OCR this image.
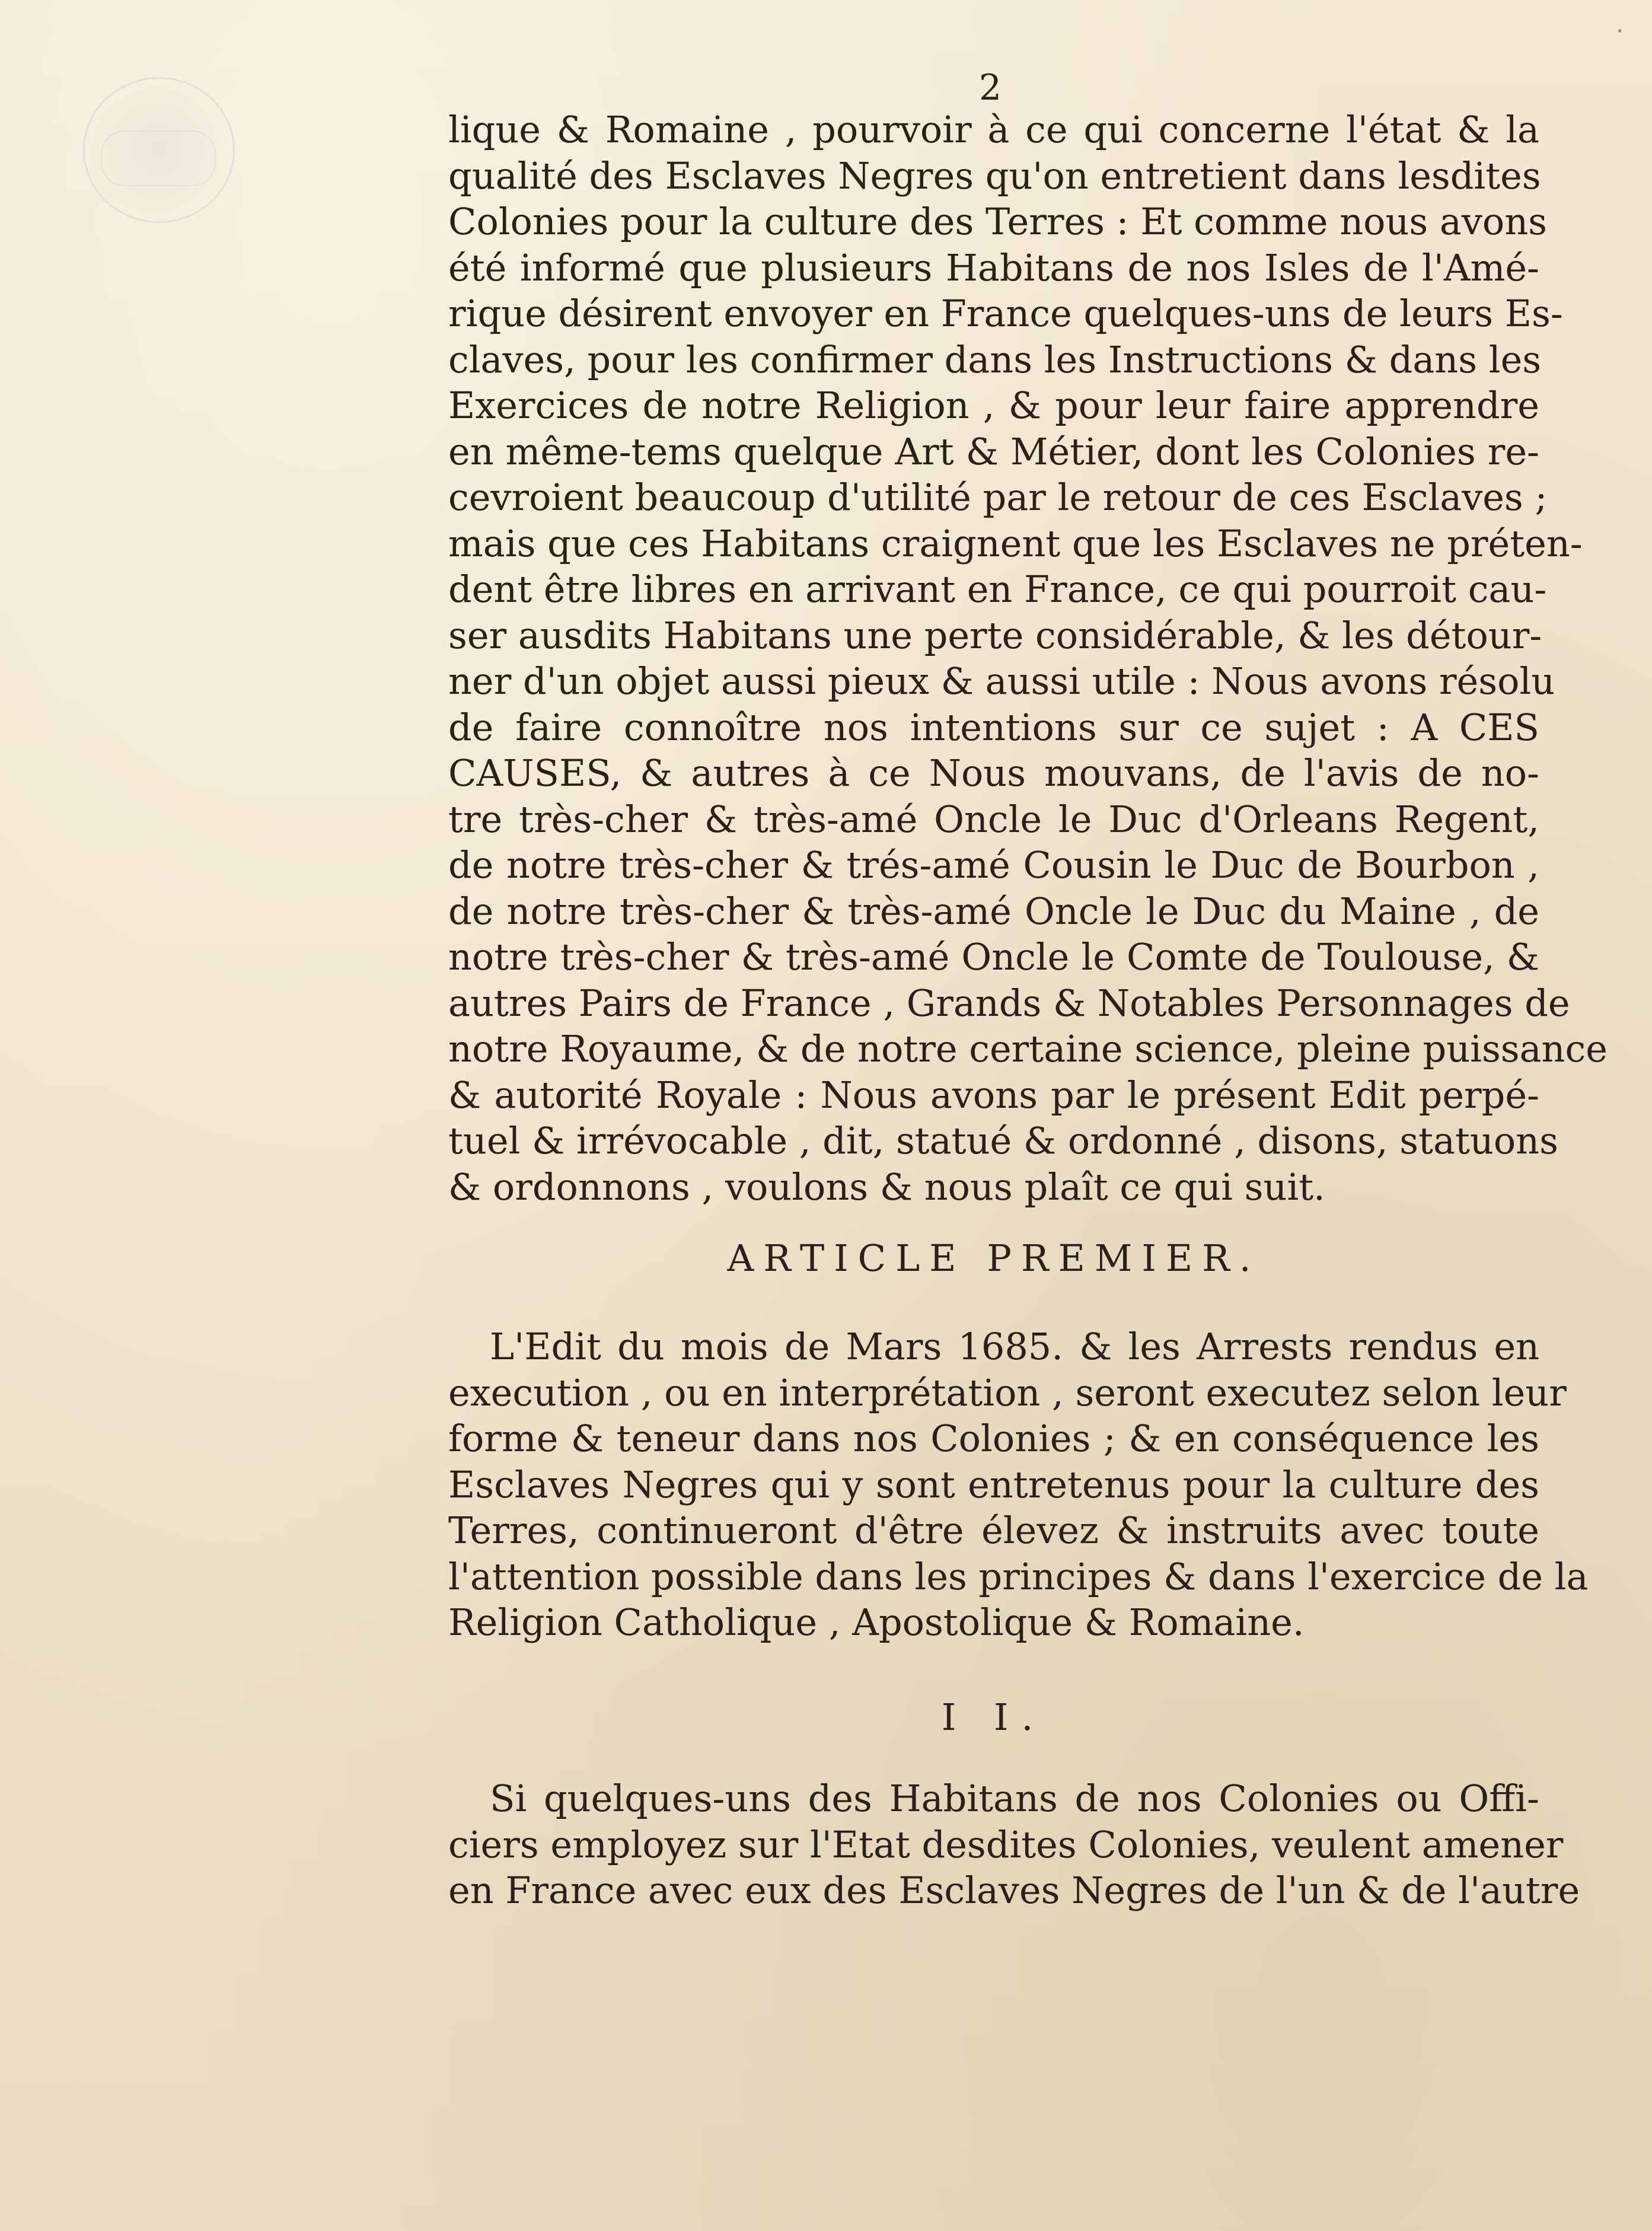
·
2
lique & Romaine , pourvoir à ce qui concerne l'état & la
qualité des Esclaves Negres qu'on entretient dans lesdites
Colonies pour la culture des Terres : Et comme nous avons
été informé que plusieurs Habitans de nos Isles de l'Amé-
rique désirent envoyer en France quelques-uns de leurs Es-
claves, pour les confirmer dans les Instructions & dans les
Exercices de notre Religion , & pour leur faire apprendre
en même-tems quelque Art & Métier, dont les Colonies re-
cevroient beaucoup d'utilité par le retour de ces Esclaves ;
mais que ces Habitans craignent que les Esclaves ne préten-
dent être libres en arrivant en France, ce qui pourroit cau-
ser ausdits Habitans une perte considérable, & les détour-
ner d'un objet aussi pieux & aussi utile : Nous avons résolu
de faire connoître nos intentions sur ce sujet : A CES
CAUSES, & autres à ce Nous mouvans, de l'avis de no-
tre très-cher & très-amé Oncle le Duc d'Orleans Regent,
de notre très-cher & trés-amé Cousin le Duc de Bourbon ,
de notre très-cher & très-amé Oncle le Duc du Maine , de
notre très-cher & très-amé Oncle le Comte de Toulouse, &
autres Pairs de France , Grands & Notables Personnages de
notre Royaume, & de notre certaine science, pleine puissance
& autorité Royale : Nous avons par le présent Edit perpé-
tuel & irrévocable , dit, statué & ordonné , disons, statuons
& ordonnons , voulons & nous plaît ce qui suit.
ARTICLE PREMIER.
L'Edit du mois de Mars 1685. & les Arrests rendus en
execution , ou en interprétation , seront executez selon leur
forme & teneur dans nos Colonies ; & en conséquence les
Esclaves Negres qui y sont entretenus pour la culture des
Terres, continueront d'être élevez & instruits avec toute
l'attention possible dans les principes & dans l'exercice de la
Religion Catholique , Apostolique & Romaine.
I I.
Si quelques-uns des Habitans de nos Colonies ou Offi-
ciers employez sur l'Etat desdites Colonies, veulent amener
en France avec eux des Esclaves Negres de l'un & de l'autre
